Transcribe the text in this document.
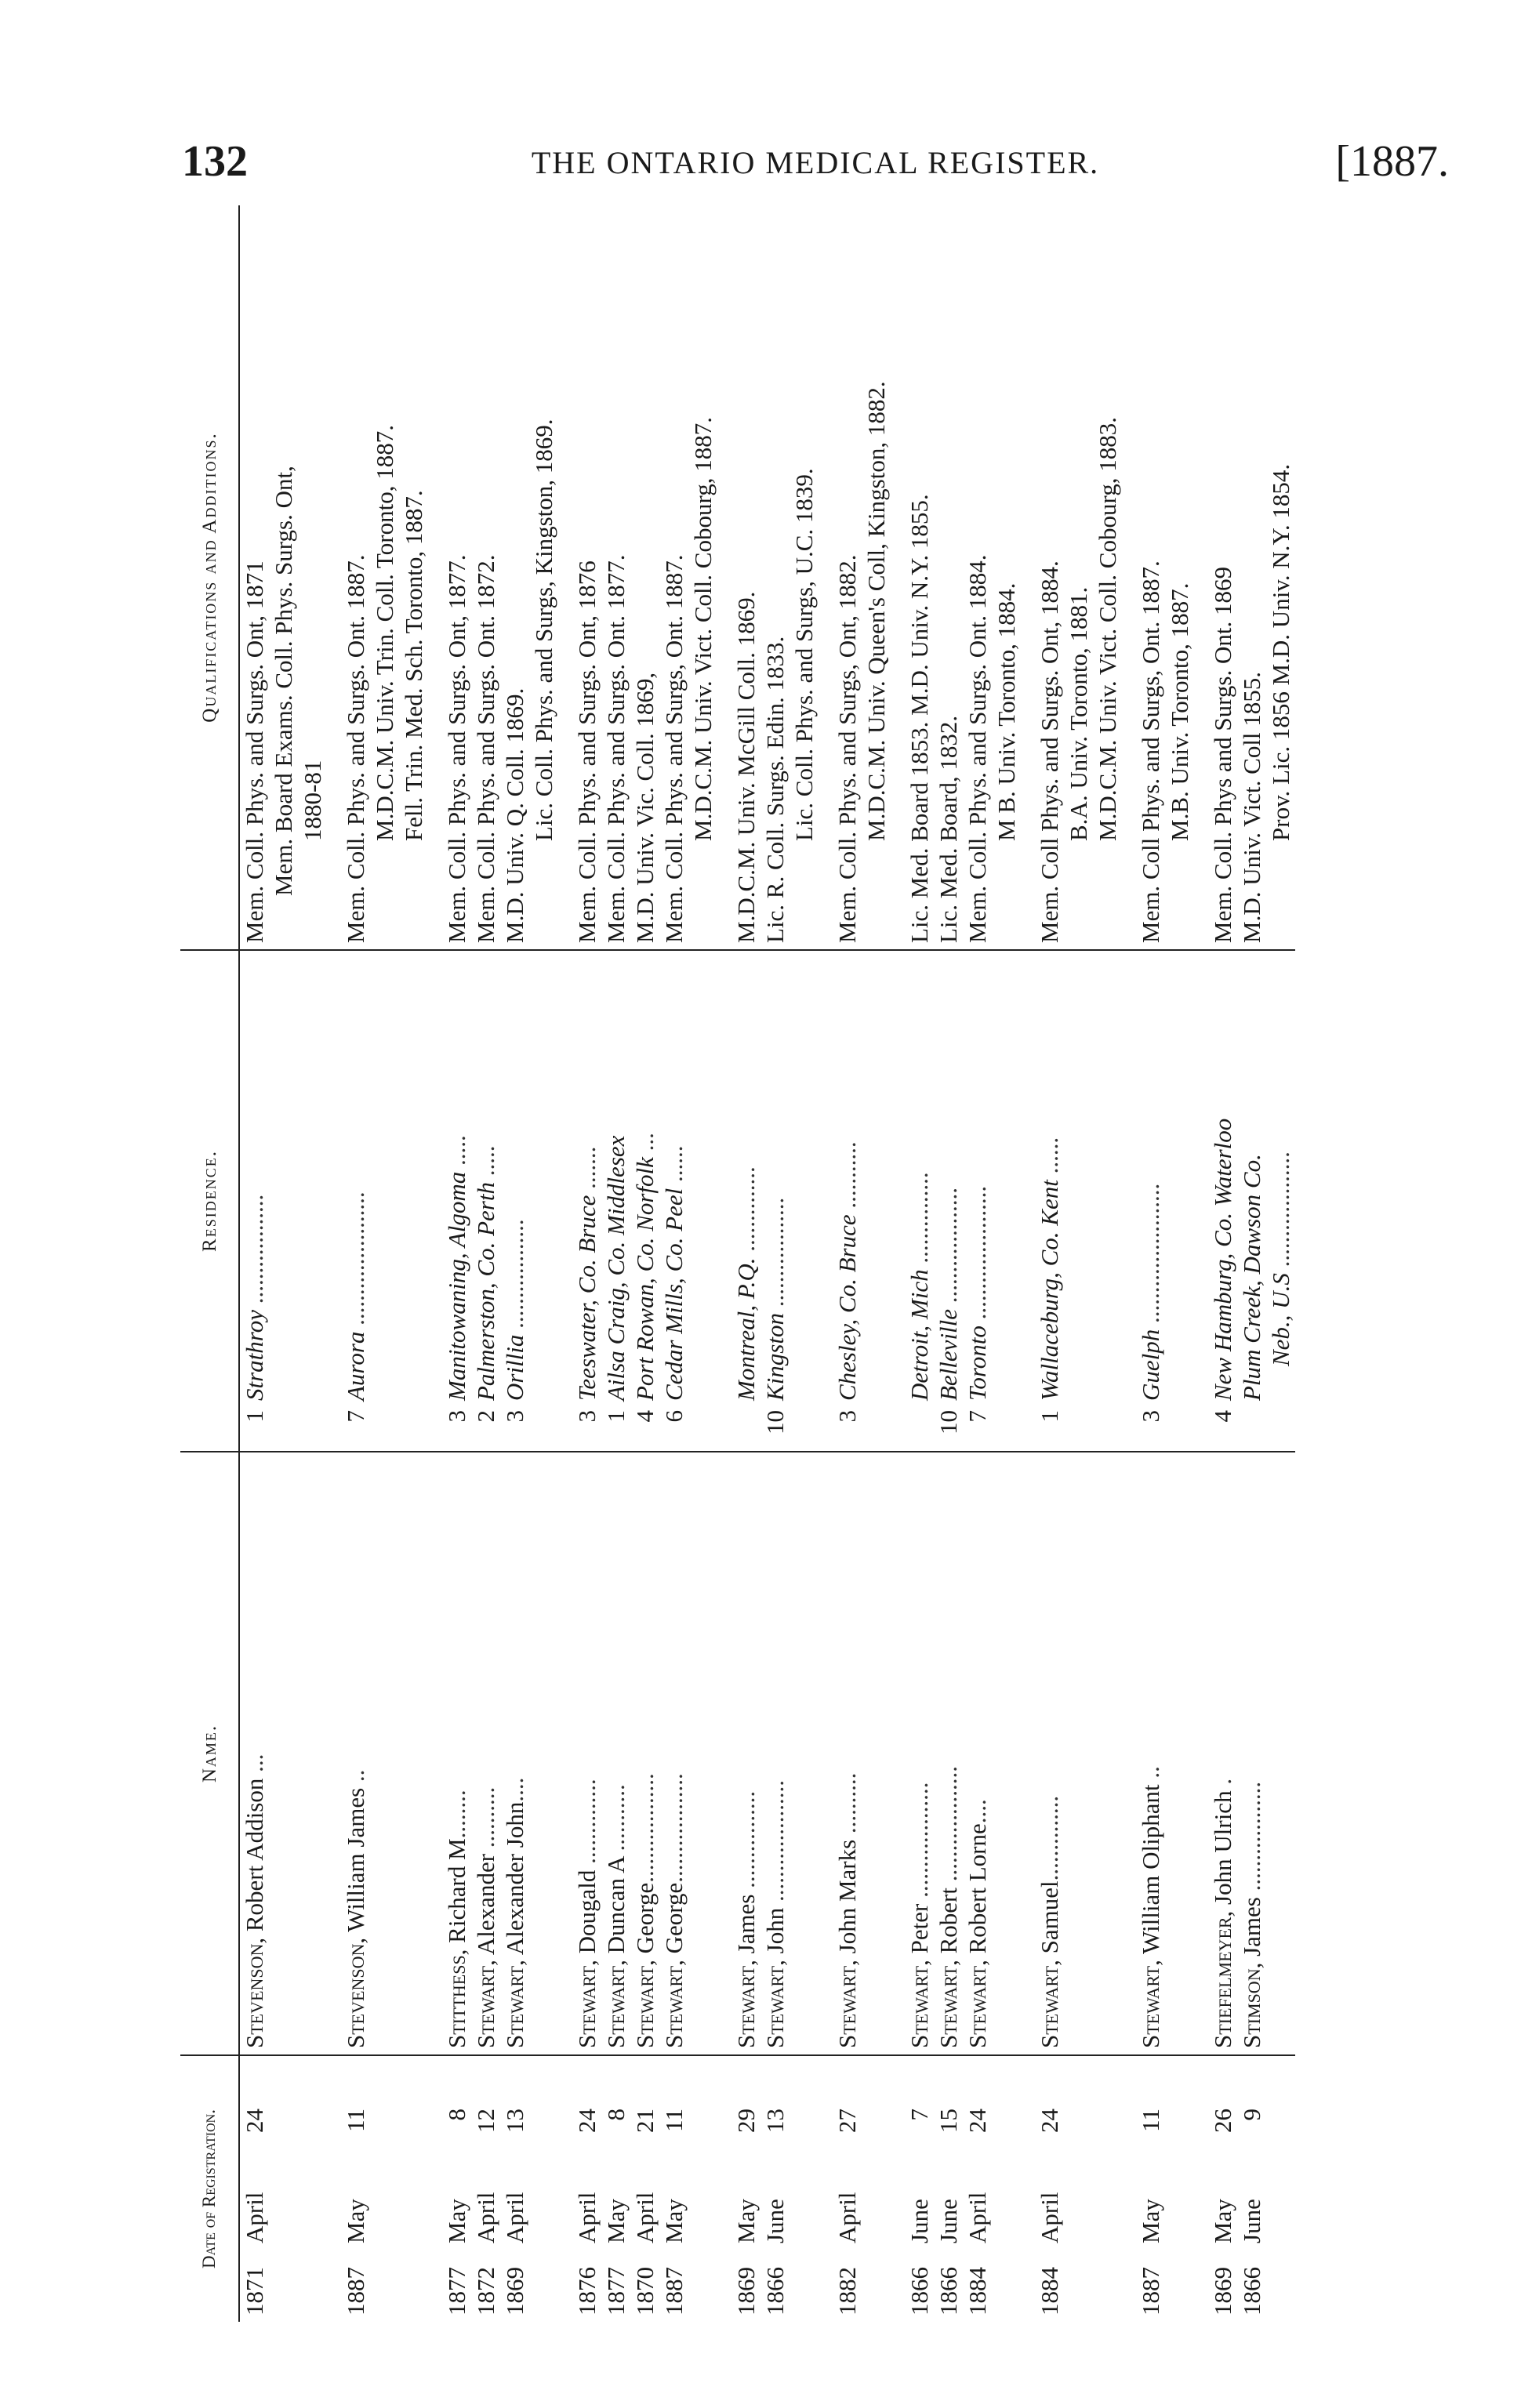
132	THE ONTARIO MEDICAL REGISTER.	[1887.
Date of Registration.	Name.	Residence.	Qualifications and Additions.
1871April24	Stevenson, Robert Addison ...	1Strathroy ..................	Mem. Coll. Phys. and Surgs. Ont, 1871 Mem. Board Exams. Coll. Phys. Surgs. Ont, 1880-81

1887May11	Stevenson, William James ..	7Aurora ......................	Mem. Coll. Phys. and Surgs. Ont. 1887. M.D.C.M. Univ. Trin. Coll. Toronto, 1887. Fell. Trin. Med. Sch. Toronto, 1887.

1877May8	Stitthess, Richard M........	3Manitowaning, Algoma .....	Mem. Coll. Phys. and Surgs. Ont, 1877.

1872April12	Stewart, Alexander ..........	2Palmerston, Co. Perth .....	Mem. Coll. Phys. and Surgs. Ont. 1872.

1869April13	Stewart, Alexander John....	3Orillia ..................	M.D. Univ. Q. Coll. 1869. Lic. Coll. Phys. and Surgs, Kingston, 1869.

1876April24	Stewart, Dougald ..............	3Teeswater, Co. Bruce .......	Mem. Coll. Phys. and Surgs. Ont, 1876

1877May8	Stewart, Duncan A ...........	1Ailsa Craig, Co. Middlesex	Mem. Coll. Phys. and Surgs. Ont. 1877.

1870April21	Stewart, George..................	4Port Rowan, Co. Norfolk ...	M.D. Univ. Vic. Coll. 1869,

1887May11	Stewart, George..................	6Cedar Mills, Co. Peel ......	Mem. Coll. Phys. and Surgs, Ont. 1887. M.D.C.M. Univ. Vict. Coll. Cobourg, 1887.

1869May29	Stewart, James ................	Montreal, P.Q. ..............	M.D.C.M. Univ. McGill Coll. 1869.

1866June13	Stewart, John ....................	10Kingston ..................	Lic. R. Coll. Surgs. Edin. 1833. Lic. Coll. Phys. and Surgs, U.C. 1839.

1882April27	Stewart, John Marks ..........	3Chesley, Co. Bruce ...........	Mem. Coll. Phys. and Surgs, Ont, 1882. M.D.C.M. Univ. Queen's Coll, Kingston, 1882.

1866June7	Stewart, Peter ...................	Detroit, Mich ...............	Lic. Med. Board 1853. M.D. Univ. N.Y. 1855.

1866June15	Stewart, Robert ...................	10Belleville ...................	Lic. Med. Board, 1832.

1884April24	Stewart, Robert Lorne....	7Toronto ......................	Mem. Coll. Phys. and Surgs. Ont. 1884. M B. Univ. Toronto, 1884.

1884April24	Stewart, Samuel..............	1Wallaceburg, Co. Kent ......	Mem. Coll Phys. and Surgs. Ont, 1884. B.A. Univ. Toronto, 1881. M.D.C.M. Univ. Vict. Coll. Cobourg, 1883.

1887May11	Stewart, William Oliphant ..	3Guelph .......................	Mem. Coll Phys. and Surgs, Ont. 1887. M.B. Univ. Toronto, 1887.

1869May26	Stiefelmeyer, John Ulrich .	4New Hamburg, Co. Waterloo	Mem. Coll. Phys and Surgs. Ont. 1869

1866June9	Stimson, James ..................	Plum Creek, Dawson Co. Neb., U.S ...................	M.D. Univ. Vict. Coll 1855. Prov. Lic. 1856 M.D. Univ. N.Y. 1854.
